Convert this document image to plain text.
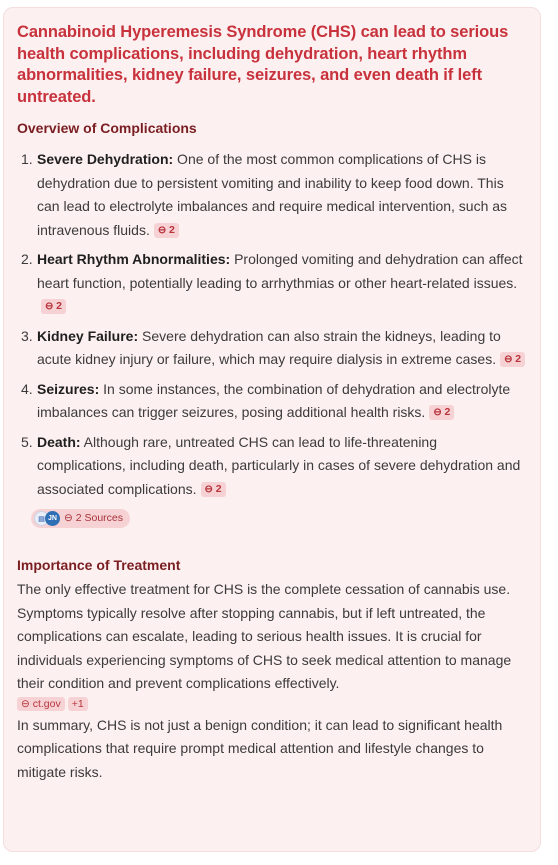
Cannabinoid Hyperemesis Syndrome (CHS) can lead to serious health complications, including dehydration, heart rhythm abnormalities, kidney failure, seizures, and even death if left untreated.
Overview of Complications
1. Severe Dehydration: One of the most common complications of CHS is dehydration due to persistent vomiting and inability to keep food down. This can lead to electrolyte imbalances and require medical intervention, such as intravenous fluids. ⊖ 2
2. Heart Rhythm Abnormalities: Prolonged vomiting and dehydration can affect heart function, potentially leading to arrhythmias or other heart-related issues.⊖ 2
3. Kidney Failure: Severe dehydration can also strain the kidneys, leading to acute kidney injury or failure, which may require dialysis in extreme cases. ⊖ 2
4. Seizures: In some instances, the combination of dehydration and electrolyte imbalances can trigger seizures, posing additional health risks. ⊖ 2
5. Death: Although rare, untreated CHS can lead to life-threatening complications, including death, particularly in cases of severe dehydration and associated complications. ⊖ 2
▤ JN ⊖ 2 Sources
Importance of Treatment
The only effective treatment for CHS is the complete cessation of cannabis use. Symptoms typically resolve after stopping cannabis, but if left untreated, the complications can escalate, leading to serious health issues. It is crucial for individuals experiencing symptoms of CHS to seek medical attention to manage their condition and prevent complications effectively.
⊖ ct.gov	+1
In summary, CHS is not just a benign condition; it can lead to significant health complications that require prompt medical attention and lifestyle changes to mitigate risks.
